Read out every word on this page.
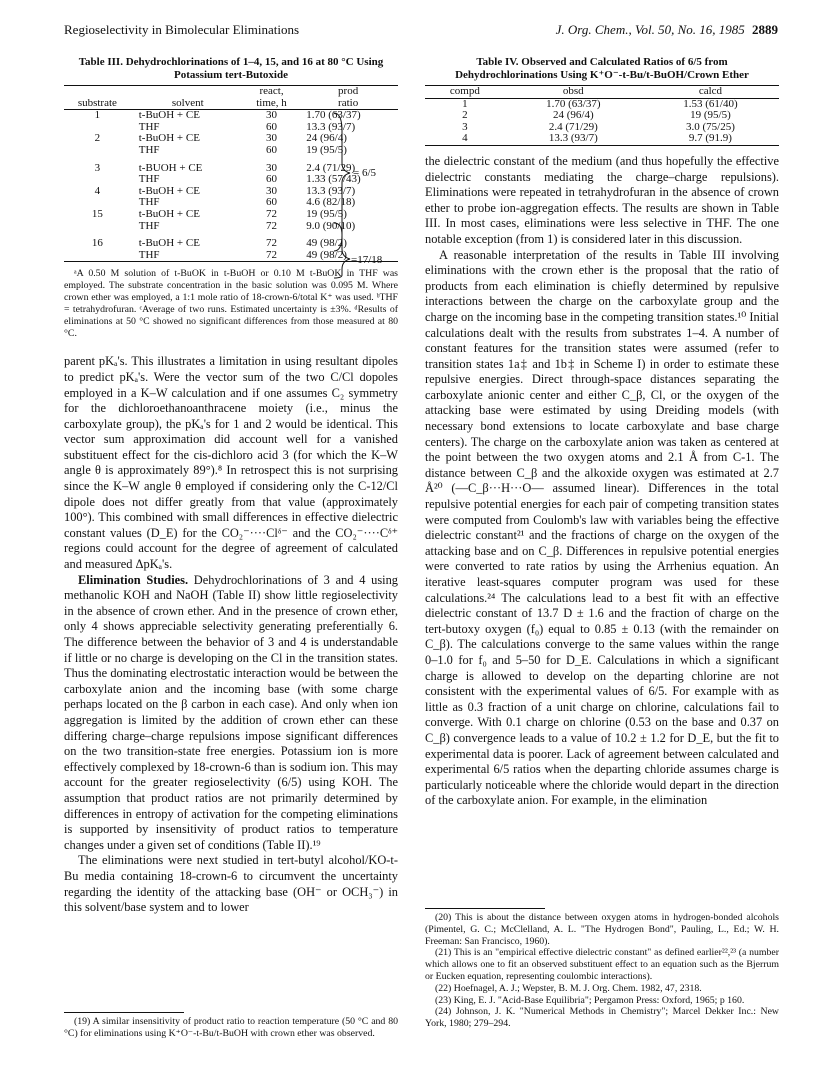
Regioselectivity in Bimolecular Eliminations	J. Org. Chem., Vol. 50, No. 16, 1985 2889
Table III. Dehydrochlorinations of 1–4, 15, and 16 at 80 °C Using Potassium tert-Butoxide
		react,	prod
substrate	solvent	time, h	ratio
1	t-BuOH + CE	30	1.70 (63/37)
	THF	60	13.3 (93/7)
2	t-BuOH + CE	30	24 (96/4)
	THF	60	19 (95/5)
3	t-BUOH + CE	30	2.4 (71/29)
	THF	60	1.33 (57/43)
4	t-BuOH + CE	30	13.3 (93/7)
	THF	60	4.6 (82/18)
15	t-BuOH + CE	72	19 (95/5)
	THF	72	9.0 (90/10)
16	t-BuOH + CE	72	49 (98/2)
	THF	72	49 (98/2)
= 6/5
=17/18
ᵃA 0.50 M solution of t-BuOK in t-BuOH or 0.10 M t-BuOK in THF was employed. The substrate concentration in the basic solution was 0.095 M. Where crown ether was employed, a 1:1 mole ratio of 18-crown-6/total K⁺ was used. ᵇTHF = tetrahydrofuran. ᶜAverage of two runs. Estimated uncertainty is ±3%. ᵈResults of eliminations at 50 °C showed no significant differences from those measured at 80 °C.

parent pKₐ's. This illustrates a limitation in using resultant dipoles to predict pKₐ's. Were the vector sum of the two C/Cl dopoles employed in a K–W calculation and if one assumes C₂ symmetry for the dichloroethanoanthracene moiety (i.e., minus the carboxylate group), the pKₐ's for 1 and 2 would be identical. This vector sum approximation did account well for a vanished substituent effect for the cis-dichloro acid 3 (for which the K–W angle θ is approximately 89°).⁸ In retrospect this is not surprising since the K–W angle θ employed if considering only the C-12/Cl dipole does not differ greatly from that value (approximately 100°). This combined with small differences in effective dielectric constant values (D_E) for the CO₂⁻····Clᵟ⁻ and the CO₂⁻····Cᵟ⁺ regions could account for the degree of agreement of calculated and measured ΔpKₐ's.

Elimination Studies. Dehydrochlorinations of 3 and 4 using methanolic KOH and NaOH (Table II) show little regioselectivity in the absence of crown ether. And in the presence of crown ether, only 4 shows appreciable selectivity generating preferentially 6. The difference between the behavior of 3 and 4 is understandable if little or no charge is developing on the Cl in the transition states. Thus the dominating electrostatic interaction would be between the carboxylate anion and the incoming base (with some charge perhaps located on the β carbon in each case). And only when ion aggregation is limited by the addition of crown ether can these differing charge–charge repulsions impose significant differences on the two transition-state free energies. Potassium ion is more effectively complexed by 18-crown-6 than is sodium ion. This may account for the greater regioselectivity (6/5) using KOH. The assumption that product ratios are not primarily determined by differences in entropy of activation for the competing eliminations is supported by insensitivity of product ratios to temperature changes under a given set of conditions (Table II).¹⁹

The eliminations were next studied in tert-butyl alcohol/KO-t-Bu media containing 18-crown-6 to circumvent the uncertainty regarding the identity of the attacking base (OH⁻ or OCH₃⁻) in this solvent/base system and to lower

(19) A similar insensitivity of product ratio to reaction temperature (50 °C and 80 °C) for eliminations using K⁺O⁻-t-Bu/t-BuOH with crown ether was observed.

Table IV. Observed and Calculated Ratios of 6/5 from Dehydrochlorinations Using K⁺O⁻-t-Bu/t-BuOH/Crown Ether
compd	obsd	calcd
1	1.70 (63/37)	1.53 (61/40)
2	24 (96/4)	19 (95/5)
3	2.4 (71/29)	3.0 (75/25)
4	13.3 (93/7)	9.7 (91.9)

the dielectric constant of the medium (and thus hopefully the effective dielectric constants mediating the charge–charge repulsions). Eliminations were repeated in tetrahydrofuran in the absence of crown ether to probe ion-aggregation effects. The results are shown in Table III. In most cases, eliminations were less selective in THF. The one notable exception (from 1) is considered later in this discussion.

A reasonable interpretation of the results in Table III involving eliminations with the crown ether is the proposal that the ratio of products from each elimination is chiefly determined by repulsive interactions between the charge on the carboxylate group and the charge on the incoming base in the competing transition states.¹⁰ Initial calculations dealt with the results from substrates 1–4. A number of constant features for the transition states were assumed (refer to transition states 1a‡ and 1b‡ in Scheme I) in order to estimate these repulsive energies. Direct through-space distances separating the carboxylate anionic center and either C_β, Cl, or the oxygen of the attacking base were estimated by using Dreiding models (with necessary bond extensions to locate carboxylate and base charge centers). The charge on the carboxylate anion was taken as centered at the point between the two oxygen atoms and 2.1 Å from C-1. The distance between C_β and the alkoxide oxygen was estimated at 2.7 Å²⁰ (—C_β···H···O— assumed linear). Differences in the total repulsive potential energies for each pair of competing transition states were computed from Coulomb's law with variables being the effective dielectric constant²¹ and the fractions of charge on the oxygen of the attacking base and on C_β. Differences in repulsive potential energies were converted to rate ratios by using the Arrhenius equation. An iterative least-squares computer program was used for these calculations.²⁴ The calculations lead to a best fit with an effective dielectric constant of 13.7 D ± 1.6 and the fraction of charge on the tert-butoxy oxygen (f₀) equal to 0.85 ± 0.13 (with the remainder on C_β). The calculations converge to the same values within the range 0–1.0 for f₀ and 5–50 for D_E. Calculations in which a significant charge is allowed to develop on the departing chlorine are not consistent with the experimental values of 6/5. For example with as little as 0.3 fraction of a unit charge on chlorine, calculations fail to converge. With 0.1 charge on chlorine (0.53 on the base and 0.37 on C_β) convergence leads to a value of 10.2 ± 1.2 for D_E, but the fit to experimental data is poorer. Lack of agreement between calculated and experimental 6/5 ratios when the departing chloride assumes charge is particularly noticeable where the chloride would depart in the direction of the carboxylate anion. For example, in the elimination

(20) This is about the distance between oxygen atoms in hydrogen-bonded alcohols (Pimentel, G. C.; McClelland, A. L. "The Hydrogen Bond", Pauling, L., Ed.; W. H. Freeman: San Francisco, 1960).

(21) This is an "empirical effective dielectric constant" as defined earlier²²,²³ (a number which allows one to fit an observed substituent effect to an equation such as the Bjerrum or Eucken equation, representing coulombic interactions).

(22) Hoefnagel, A. J.; Wepster, B. M. J. Org. Chem. 1982, 47, 2318.

(23) King, E. J. "Acid-Base Equilibria"; Pergamon Press: Oxford, 1965; p 160.

(24) Johnson, J. K. "Numerical Methods in Chemistry"; Marcel Dekker Inc.: New York, 1980; 279–294.
